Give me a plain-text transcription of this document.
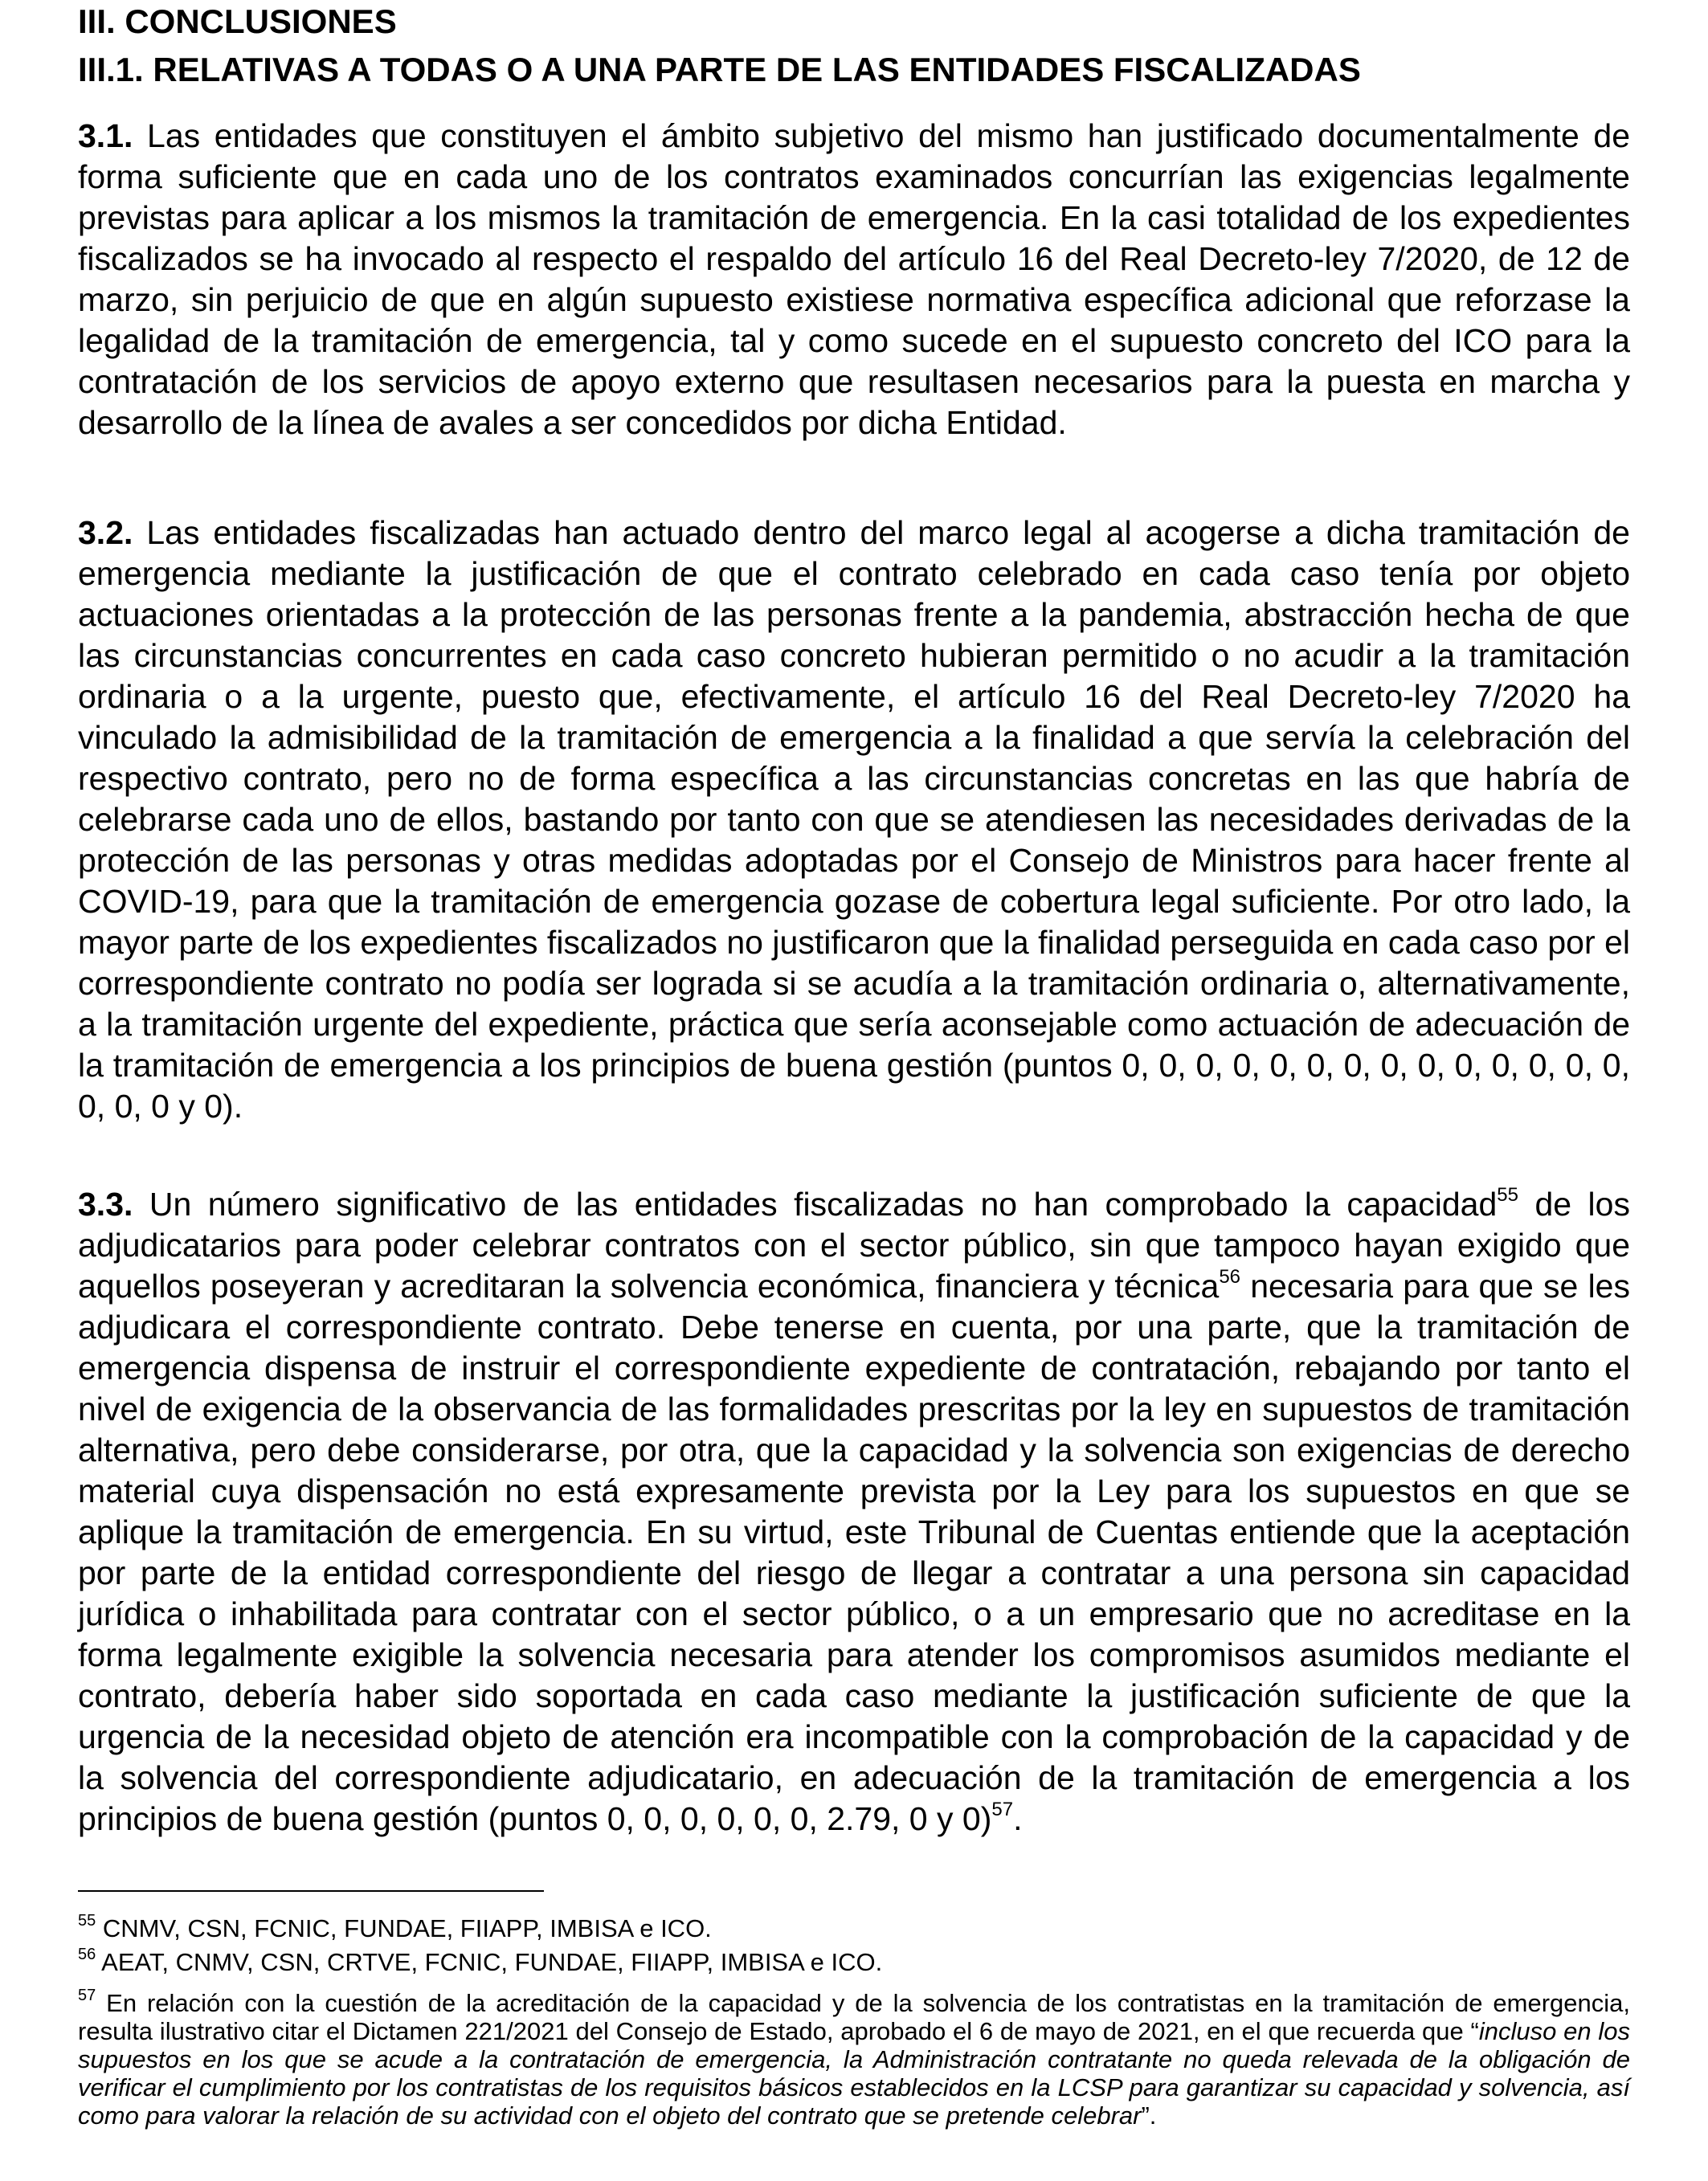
III. CONCLUSIONES
III.1. RELATIVAS A TODAS O A UNA PARTE DE LAS ENTIDADES FISCALIZADAS

3.1. Las entidades que constituyen el ámbito subjetivo del mismo han justificado documentalmente de forma suficiente que en cada uno de los contratos examinados concurrían las exigencias legalmente previstas para aplicar a los mismos la tramitación de emergencia. En la casi totalidad de los expedientes fiscalizados se ha invocado al respecto el respaldo del artículo 16 del Real Decreto-ley 7/2020, de 12 de marzo, sin perjuicio de que en algún supuesto existiese normativa específica adicional que reforzase la legalidad de la tramitación de emergencia, tal y como sucede en el supuesto concreto del ICO para la contratación de los servicios de apoyo externo que resultasen necesarios para la puesta en marcha y desarrollo de la línea de avales a ser concedidos por dicha Entidad.

3.2. Las entidades fiscalizadas han actuado dentro del marco legal al acogerse a dicha tramitación de emergencia mediante la justificación de que el contrato celebrado en cada caso tenía por objeto actuaciones orientadas a la protección de las personas frente a la pandemia, abstracción hecha de que las circunstancias concurrentes en cada caso concreto hubieran permitido o no acudir a la tramitación ordinaria o a la urgente, puesto que, efectivamente, el artículo 16 del Real Decreto-ley 7/2020 ha vinculado la admisibilidad de la tramitación de emergencia a la finalidad a que servía la celebración del respectivo contrato, pero no de forma específica a las circunstancias concretas en las que habría de celebrarse cada uno de ellos, bastando por tanto con que se atendiesen las necesidades derivadas de la protección de las personas y otras medidas adoptadas por el Consejo de Ministros para hacer frente al COVID-19, para que la tramitación de emergencia gozase de cobertura legal suficiente. Por otro lado, la mayor parte de los expedientes fiscalizados no justificaron que la finalidad perseguida en cada caso por el correspondiente contrato no podía ser lograda si se acudía a la tramitación ordinaria o, alternativamente, a la tramitación urgente del expediente, práctica que sería aconsejable como actuación de adecuación de la tramitación de emergencia a los principios de buena gestión (puntos 0, 0, 0, 0, 0, 0, 0, 0, 0, 0, 0, 0, 0, 0, 0, 0, 0 y 0).

3.3. Un número significativo de las entidades fiscalizadas no han comprobado la capacidad$^{55}$ de los adjudicatarios para poder celebrar contratos con el sector público, sin que tampoco hayan exigido que aquellos poseyeran y acreditaran la solvencia económica, financiera y técnica$^{56}$ necesaria para que se les adjudicara el correspondiente contrato. Debe tenerse en cuenta, por una parte, que la tramitación de emergencia dispensa de instruir el correspondiente expediente de contratación, rebajando por tanto el nivel de exigencia de la observancia de las formalidades prescritas por la ley en supuestos de tramitación alternativa, pero debe considerarse, por otra, que la capacidad y la solvencia son exigencias de derecho material cuya dispensación no está expresamente prevista por la Ley para los supuestos en que se aplique la tramitación de emergencia. En su virtud, este Tribunal de Cuentas entiende que la aceptación por parte de la entidad correspondiente del riesgo de llegar a contratar a una persona sin capacidad jurídica o inhabilitada para contratar con el sector público, o a un empresario que no acreditase en la forma legalmente exigible la solvencia necesaria para atender los compromisos asumidos mediante el contrato, debería haber sido soportada en cada caso mediante la justificación suficiente de que la urgencia de la necesidad objeto de atención era incompatible con la comprobación de la capacidad y de la solvencia del correspondiente adjudicatario, en adecuación de la tramitación de emergencia a los principios de buena gestión (puntos 0, 0, 0, 0, 0, 0, 2.79, 0 y 0)$^{57}$.

$^{55}$ CNMV, CSN, FCNIC, FUNDAE, FIIAPP, IMBISA e ICO.

$^{56}$ AEAT, CNMV, CSN, CRTVE, FCNIC, FUNDAE, FIIAPP, IMBISA e ICO.

$^{57}$ En relación con la cuestión de la acreditación de la capacidad y de la solvencia de los contratistas en la tramitación de emergencia, resulta ilustrativo citar el Dictamen 221/2021 del Consejo de Estado, aprobado el 6 de mayo de 2021, en el que recuerda que “incluso en los supuestos en los que se acude a la contratación de emergencia, la Administración contratante no queda relevada de la obligación de verificar el cumplimiento por los contratistas de los requisitos básicos establecidos en la LCSP para garantizar su capacidad y solvencia, así como para valorar la relación de su actividad con el objeto del contrato que se pretende celebrar”.
